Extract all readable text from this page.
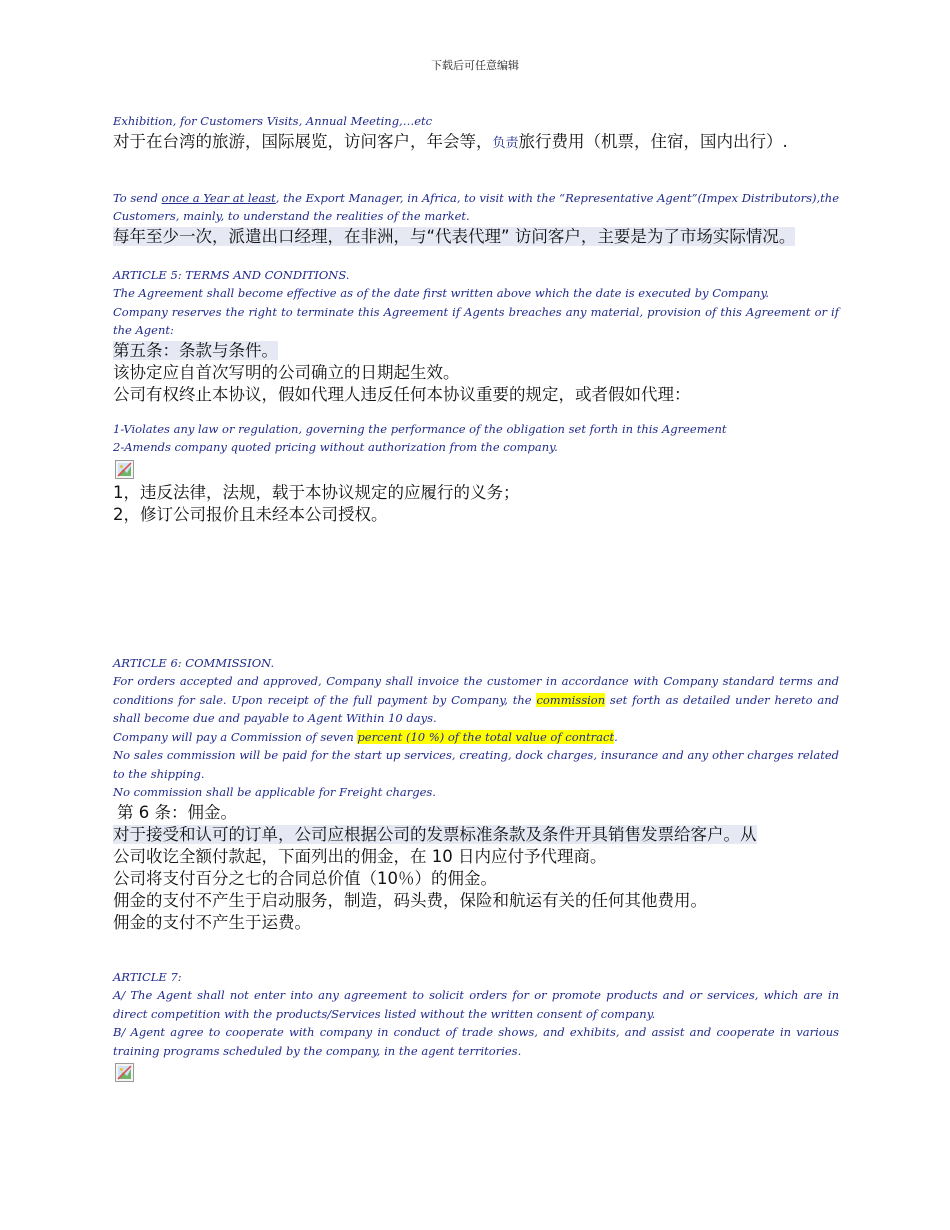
下载后可任意编辑

Exhibition, for Customers Visits, Annual Meeting,…etc

对于在台湾的旅游，国际展览，访问客户，年会等，负责旅行费用（机票，住宿，国内出行）.

To send once a Year at least, the Export Manager, in Africa, to visit with the “Representative Agent”(Impex Distributors),the Customers, mainly, to understand the realities of the market.

每年至少一次，派遣出口经理，在非洲，与“代表代理” 访问客户，主要是为了市场实际情况。

ARTICLE 5: TERMS AND CONDITIONS.

The Agreement shall become effective as of the date first written above which the date is executed by Company.

Company reserves the right to terminate this Agreement if Agents breaches any material, provision of this Agreement or if the Agent:

第五条：条款与条件。

该协定应自首次写明的公司确立的日期起生效。

公司有权终止本协议，假如代理人违反任何本协议重要的规定，或者假如代理：

1-Violates any law or regulation, governing the performance of the obligation set forth in this Agreement

2-Amends company quoted pricing without authorization from the company.

1，违反法律，法规，载于本协议规定的应履行的义务；

2，修订公司报价且未经本公司授权。

ARTICLE 6: COMMISSION.

For orders accepted and approved, Company shall invoice the customer in accordance with Company standard terms and conditions for sale. Upon receipt of the full payment by Company, the commission set forth as detailed under hereto and shall become due and payable to Agent Within 10 days.

Company will pay a Commission of seven percent (10 %) of the total value of contract.

No sales commission will be paid for the start up services, creating, dock charges, insurance and any other charges related to the shipping.

No commission shall be applicable for Freight charges.

第 6 条：佣金。

对于接受和认可的订单，公司应根据公司的发票标准条款及条件开具销售发票给客户。从

公司收讫全额付款起，下面列出的佣金，在 10 日内应付予代理商。

公司将支付百分之七的合同总价值（10％）的佣金。

佣金的支付不产生于启动服务，制造，码头费，保险和航运有关的任何其他费用。

佣金的支付不产生于运费。

ARTICLE 7:

A/ The Agent shall not enter into any agreement to solicit orders for or promote products and or services, which are in direct competition with the products/Services listed without the written consent of company.

B/ Agent agree to cooperate with company in conduct of trade shows, and exhibits, and assist and cooperate in various training programs scheduled by the company, in the agent territories.
